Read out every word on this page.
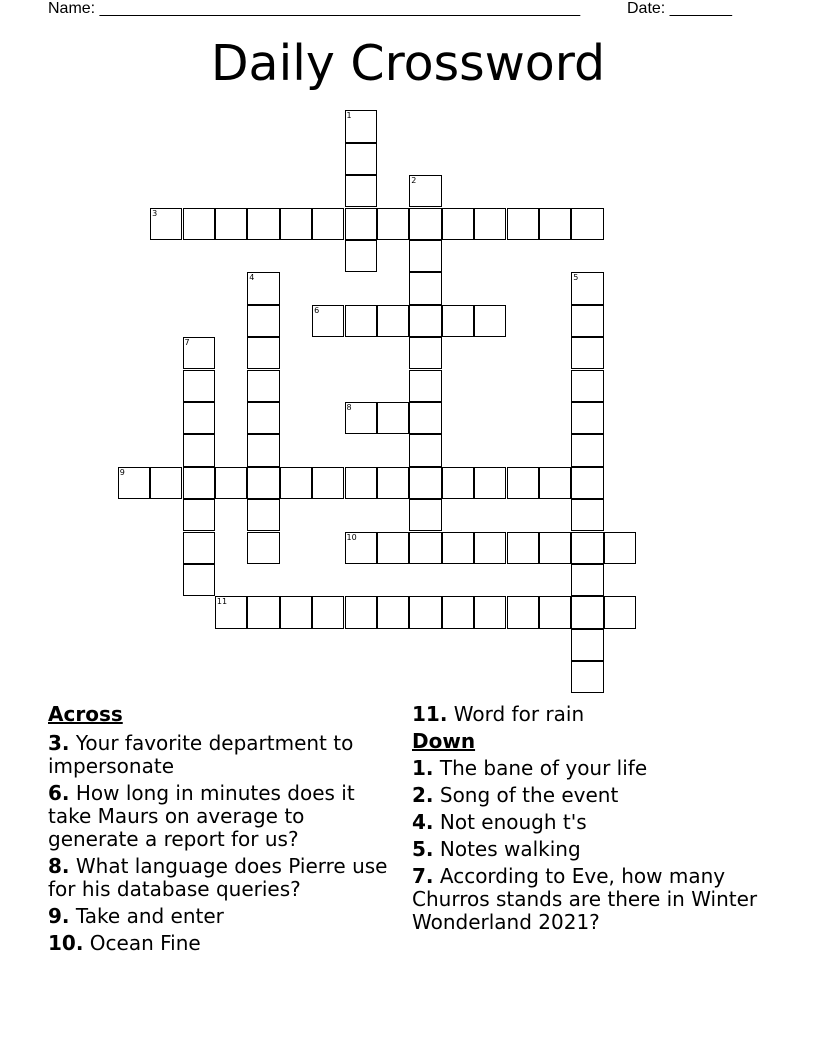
Name: ______________________________________________________	Date: _______
Daily Crossword
1
2
3
4	5
6
7
8
9
10
11
Across
3. Your favorite department to impersonate
6. How long in minutes does it take Maurs on average to generate a report for us?
8. What language does Pierre use for his database queries?
9. Take and enter
10. Ocean Fine
11. Word for rain
Down
1. The bane of your life
2. Song of the event
4. Not enough t's
5. Notes walking
7. According to Eve, how many Churros stands are there in Winter Wonderland 2021?
